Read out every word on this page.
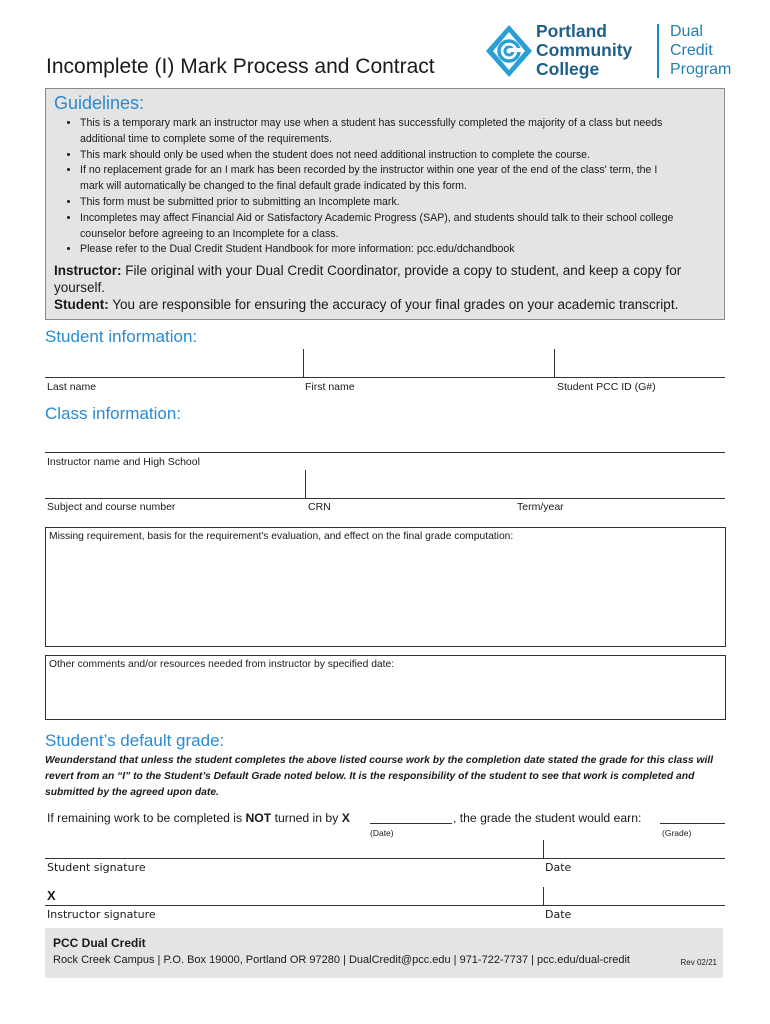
Incomplete (I) Mark Process and Contract
Portland
Community
College
Dual
Credit
Program
Guidelines:
• This is a temporary mark an instructor may use when a student has successfully completed the majority of a class but needs additional time to complete some of the requirements.
• This mark should only be used when the student does not need additional instruction to complete the course.
• If no replacement grade for an I mark has been recorded by the instructor within one year of the end of the class' term, the I mark will automatically be changed to the final default grade indicated by this form.
• This form must be submitted prior to submitting an Incomplete mark.
• Incompletes may affect Financial Aid or Satisfactory Academic Progress (SAP), and students should talk to their school college counselor before agreeing to an Incomplete for a class.
• Please refer to the Dual Credit Student Handbook for more information: pcc.edu/dchandbook
Instructor: File original with your Dual Credit Coordinator, provide a copy to student, and keep a copy for yourself.
Student: You are responsible for ensuring the accuracy of your final grades on your academic transcript.
Student information:
Last name	First name	Student PCC ID (G#)
Class information:
Instructor name and High School
Subject and course number	CRN	Term/year
Missing requirement, basis for the requirement's evaluation, and effect on the final grade computation:
Other comments and/or resources needed from instructor by specified date:
Student’s default grade:
Weunderstand that unless the student completes the above listed course work by the completion date stated the grade for this class will revert from an “I” to the Student’s Default Grade noted below. It is the responsibility of the student to see that work is completed and submitted by the agreed upon date.
If remaining work to be completed is NOT turned in by X	, the grade the student would earn:
(Date)	(Grade)
Student signature	Date
X
Instructor signature	Date
PCC Dual Credit
Rock Creek Campus | P.O. Box 19000, Portland OR 97280 | DualCredit@pcc.edu | 971-722-7737 | pcc.edu/dual-credit	Rev 02/21
